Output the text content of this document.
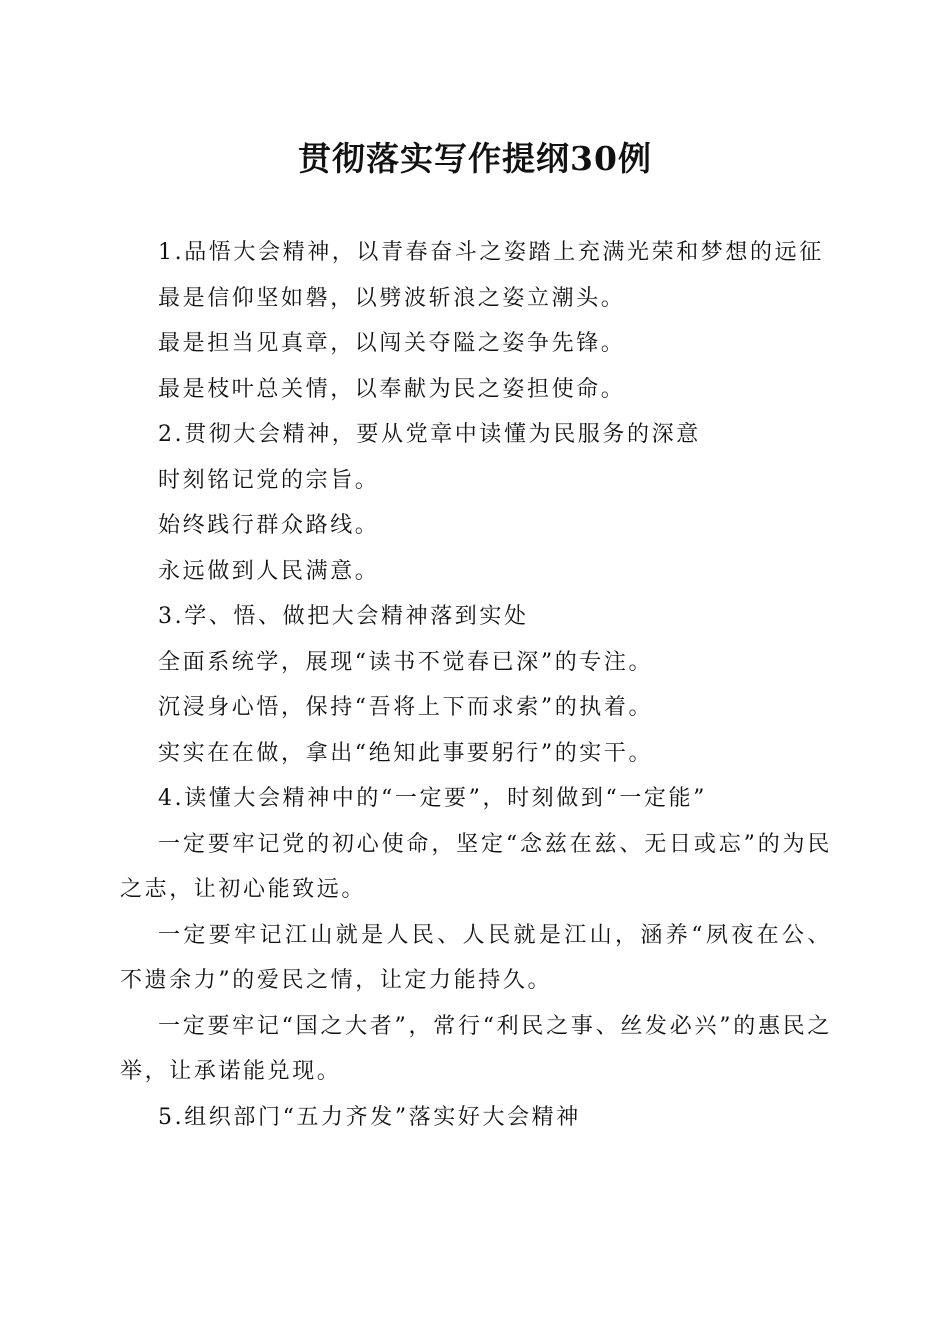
贯彻落实写作提纲30例

1.品悟大会精神，以青春奋斗之姿踏上充满光荣和梦想的远征

最是信仰坚如磐，以劈波斩浪之姿立潮头。

最是担当见真章，以闯关夺隘之姿争先锋。

最是枝叶总关情，以奉献为民之姿担使命。

2.贯彻大会精神，要从党章中读懂为民服务的深意

时刻铭记党的宗旨。

始终践行群众路线。

永远做到人民满意。

3.学、悟、做把大会精神落到实处

全面系统学，展现“读书不觉春已深”的专注。

沉浸身心悟，保持“吾将上下而求索”的执着。

实实在在做，拿出“绝知此事要躬行”的实干。

4.读懂大会精神中的“一定要”，时刻做到“一定能”

一定要牢记党的初心使命，坚定“念兹在兹、无日或忘”的为民之志，让初心能致远。

一定要牢记江山就是人民、人民就是江山，涵养“夙夜在公、不遗余力”的爱民之情，让定力能持久。

一定要牢记“国之大者”，常行“利民之事、丝发必兴”的惠民之举，让承诺能兑现。

5.组织部门“五力齐发”落实好大会精神
